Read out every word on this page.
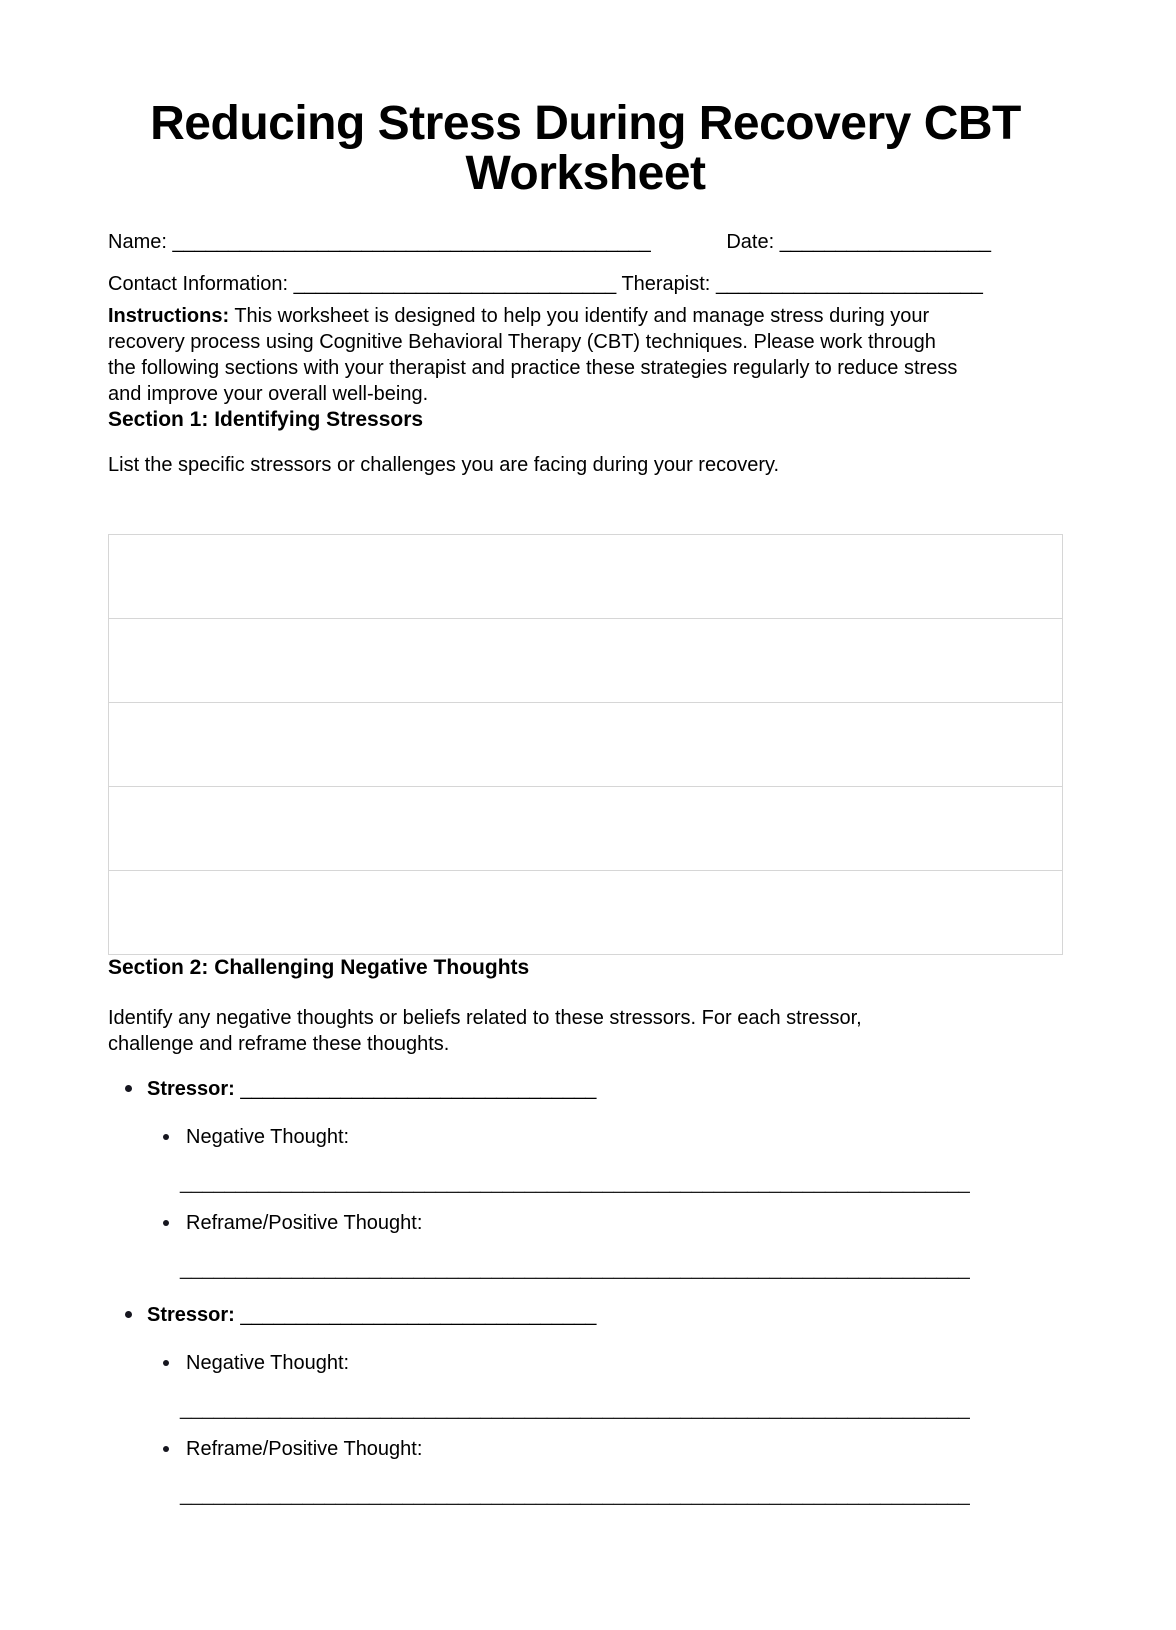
Reducing Stress During Recovery CBT Worksheet

Name: ___________________________________________	Date: ___________________

Contact Information: _____________________________ Therapist: ________________________

Instructions: This worksheet is designed to help you identify and manage stress during your
recovery process using Cognitive Behavioral Therapy (CBT) techniques. Please work through
the following sections with your therapist and practice these strategies regularly to reduce stress
and improve your overall well-being.

Section 1: Identifying Stressors

List the specific stressors or challenges you are facing during your recovery.

Section 2: Challenging Negative Thoughts

Identify any negative thoughts or beliefs related to these stressors. For each stressor,
challenge and reframe these thoughts.

Stressor: ________________________________
Negative Thought:
_______________________________________________________________________
Reframe/Positive Thought:
_______________________________________________________________________
Stressor: ________________________________
Negative Thought:
_______________________________________________________________________
Reframe/Positive Thought:
_______________________________________________________________________
